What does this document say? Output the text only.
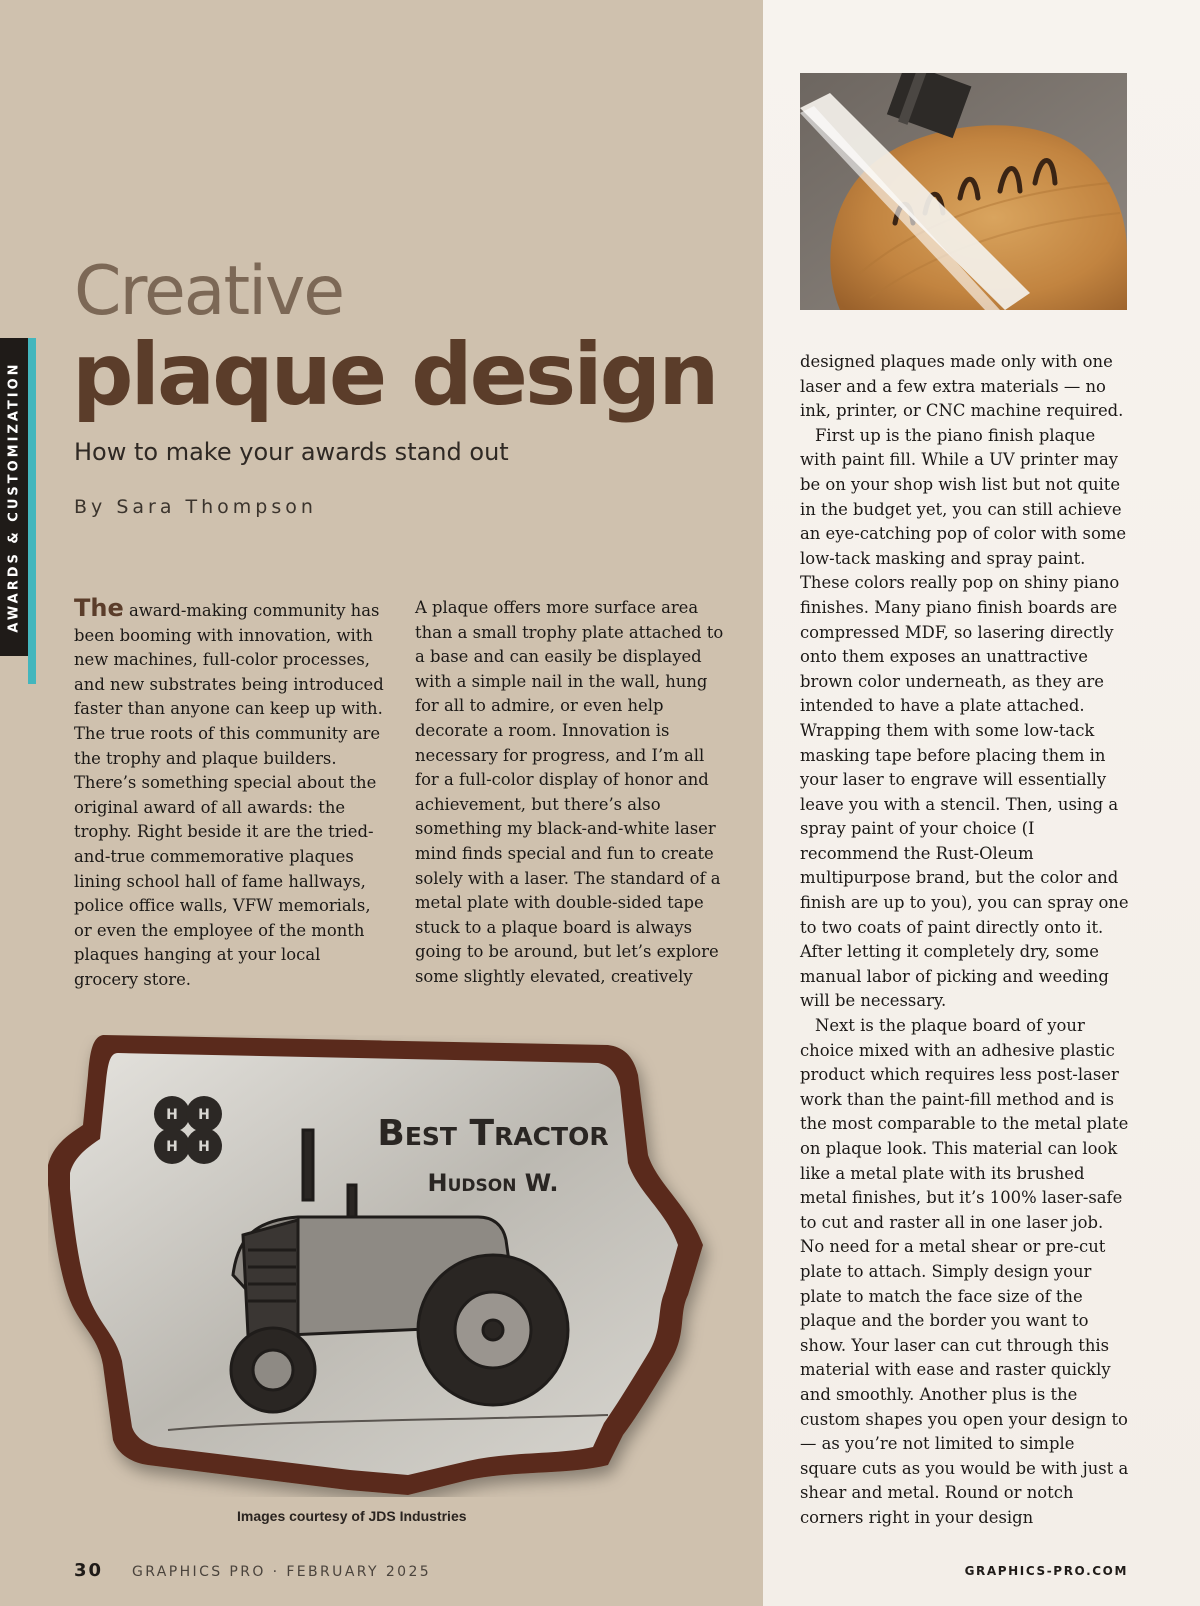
AWARDS & CUSTOMIZATION
Creative
plaque design
How to make your awards stand out
By Sara Thompson

The award-making community has been booming with innovation, with new machines, full-color processes, and new substrates being introduced faster than anyone can keep up with. The true roots of this community are the trophy and plaque builders. There’s something special about the original award of all awards: the trophy. Right beside it are the tried-and-true commemorative plaques lining school hall of fame hallways, police office walls, VFW memorials, or even the employee of the month plaques hanging at your local grocery store.

A plaque offers more surface area than a small trophy plate attached to a base and can easily be displayed with a simple nail in the wall, hung for all to admire, or even help decorate a room. Innovation is necessary for progress, and I’m all for a full-color display of honor and achievement, but there’s also something my black-and-white laser mind finds special and fun to create solely with a laser. The standard of a metal plate with double-sided tape stuck to a plaque board is always going to be around, but let’s explore some slightly elevated, creatively

designed plaques made only with one laser and a few extra materials — no ink, printer, or CNC machine required.

First up is the piano finish plaque with paint fill. While a UV printer may be on your shop wish list but not quite in the budget yet, you can still achieve an eye-catching pop of color with some low-tack masking and spray paint. These colors really pop on shiny piano finishes. Many piano finish boards are compressed MDF, so lasering directly onto them exposes an unattractive brown color underneath, as they are intended to have a plate attached. Wrapping them with some low-tack masking tape before placing them in your laser to engrave will essentially leave you with a stencil. Then, using a spray paint of your choice (I recommend the Rust-Oleum multipurpose brand, but the color and finish are up to you), you can spray one to two coats of paint directly onto it. After letting it completely dry, some manual labor of picking and weeding will be necessary.

Next is the plaque board of your choice mixed with an adhesive plastic product which requires less post-laser work than the paint-fill method and is the most comparable to the metal plate on plaque look. This material can look like a metal plate with its brushed metal finishes, but it’s 100% laser-safe to cut and raster all in one laser job. No need for a metal shear or pre-cut plate to attach. Simply design your plate to match the face size of the plaque and the border you want to show. Your laser can cut through this material with ease and raster quickly and smoothly. Another plus is the custom shapes you open your design to — as you’re not limited to simple square cuts as you would be with just a shear and metal. Round or notch corners right in your design

H H
H H	Best Tractor
Hudson W.
Images courtesy of JDS Industries
30 GRAPHICS PRO · FEBRUARY 2025	GRAPHICS-PRO.COM
